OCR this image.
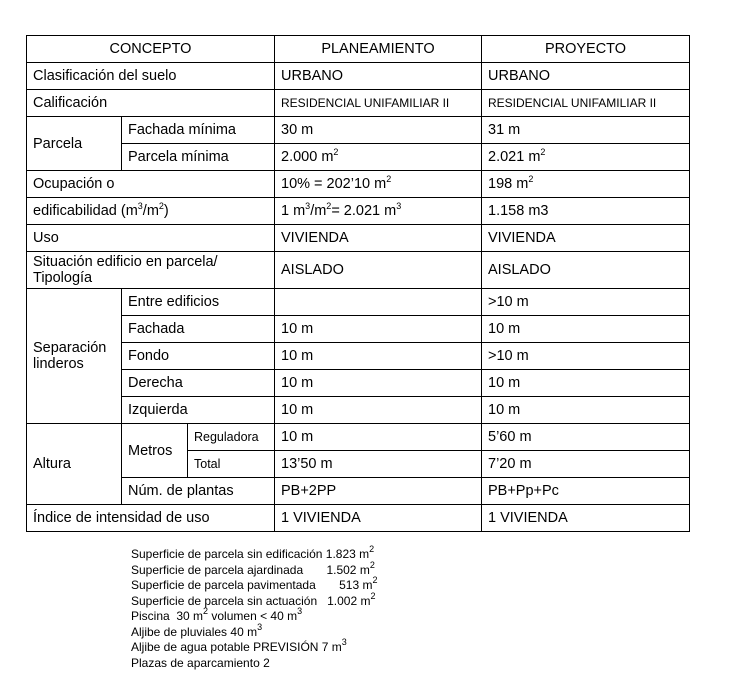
CONCEPTO			PLANEAMIENTO	PROYECTO
Clasificación del suelo			URBANO	URBANO
Calificación			RESIDENCIAL UNIFAMILIAR II	RESIDENCIAL UNIFAMILIAR II
Parcela	Fachada mínima		30 m	31 m
	Parcela mínima		2.000 $m^2$	2.021 $m^2$
Ocupación o			10% = 202’10 $m^2$	198 $m^2$
edificabilidad $(m^3/m^2)$			1 $m^3/m^2= 2.021$ $m^3$	1.158 m3
Uso			VIVIENDA	VIVIENDA
Situación edificio en parcela/ Tipología			AISLADO	AISLADO
Separación linderos	Entre edificios			>10 m
	Fachada		10 m	10 m
	Fondo		10 m	>10 m
	Derecha		10 m	10 m
	Izquierda		10 m	10 m
Altura	Metros	Reguladora	10 m	5’60 m
		Total	13’50 m	7’20 m
	Núm. de plantas		PB+2PP	PB+Pp+Pc
Índice de intensidad de uso			1 VIVIENDA	1 VIVIENDA
Superficie de parcela sin edificación 1.823 $m^2$
Superficie de parcela ajardinada       1.502 $m^2$
Superficie de parcela pavimentada       513 $m^2$
Superficie de parcela sin actuación   1.002 $m^2$
Piscina  30 $m^2$ volumen < 40 $m^3$
Aljibe de pluviales 40 $m^3$
Aljibe de agua potable PREVISIÓN 7 $m^3$
Plazas de aparcamiento 2
